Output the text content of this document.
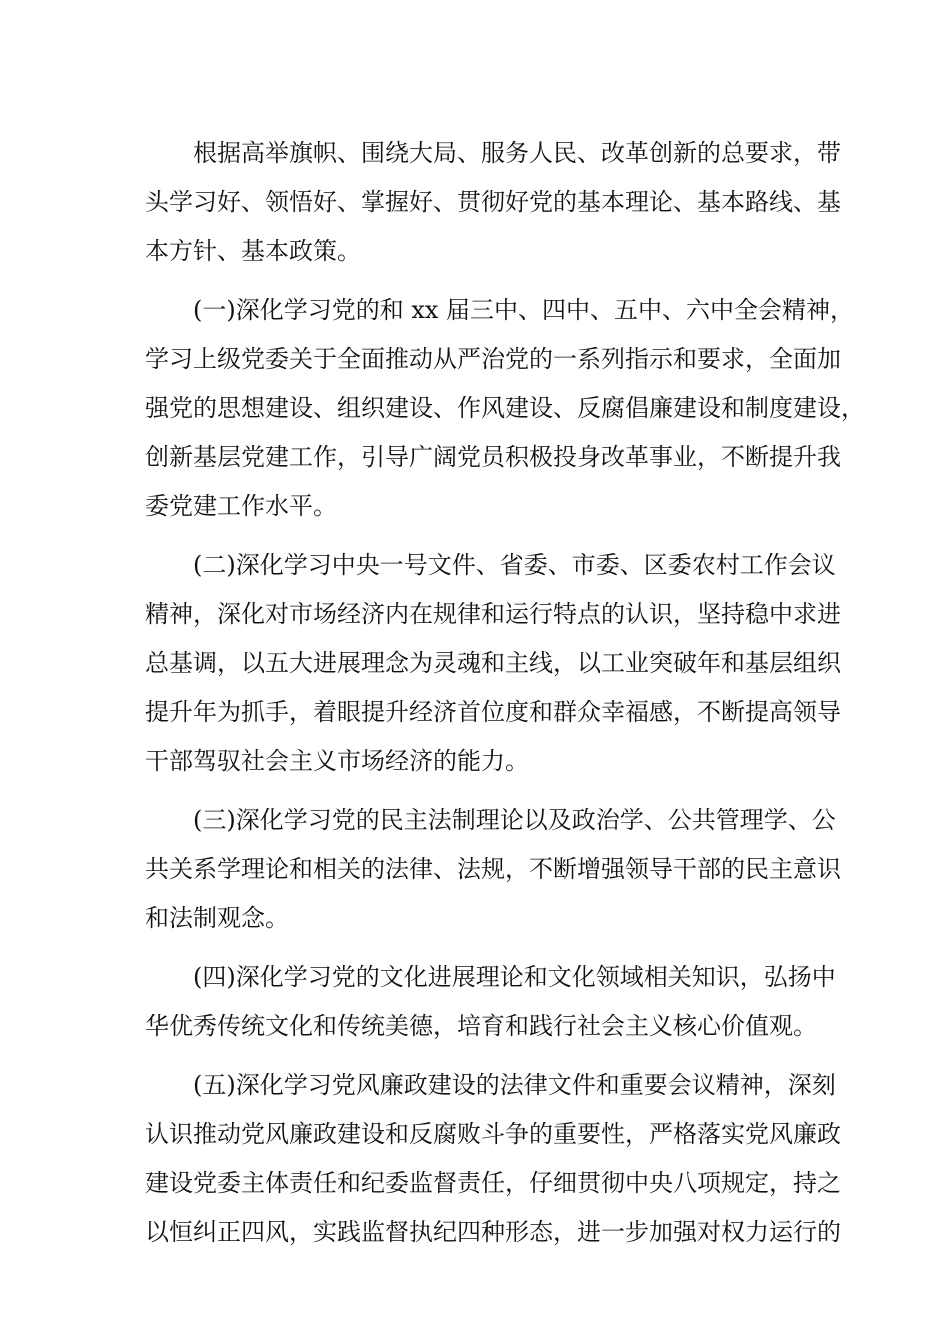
根据高举旗帜、围绕大局、服务人民、改革创新的总要求，带
头学习好、领悟好、掌握好、贯彻好党的基本理论、基本路线、基
本方针、基本政策。
(一)深化学习党的和 xx 届三中、四中、五中、六中全会精神，
学习上级党委关于全面推动从严治党的一系列指示和要求，全面加
强党的思想建设、组织建设、作风建设、反腐倡廉建设和制度建设，
创新基层党建工作，引导广阔党员积极投身改革事业，不断提升我
委党建工作水平。
(二)深化学习中央一号文件、省委、市委、区委农村工作会议
精神，深化对市场经济内在规律和运行特点的认识，坚持稳中求进
总基调，以五大进展理念为灵魂和主线，以工业突破年和基层组织
提升年为抓手，着眼提升经济首位度和群众幸福感，不断提高领导
干部驾驭社会主义市场经济的能力。
(三)深化学习党的民主法制理论以及政治学、公共管理学、公
共关系学理论和相关的法律、法规，不断增强领导干部的民主意识
和法制观念。
(四)深化学习党的文化进展理论和文化领域相关知识，弘扬中
华优秀传统文化和传统美德，培育和践行社会主义核心价值观。
(五)深化学习党风廉政建设的法律文件和重要会议精神，深刻
认识推动党风廉政建设和反腐败斗争的重要性，严格落实党风廉政
建设党委主体责任和纪委监督责任，仔细贯彻中央八项规定，持之
以恒纠正四风，实践监督执纪四种形态，进一步加强对权力运行的
